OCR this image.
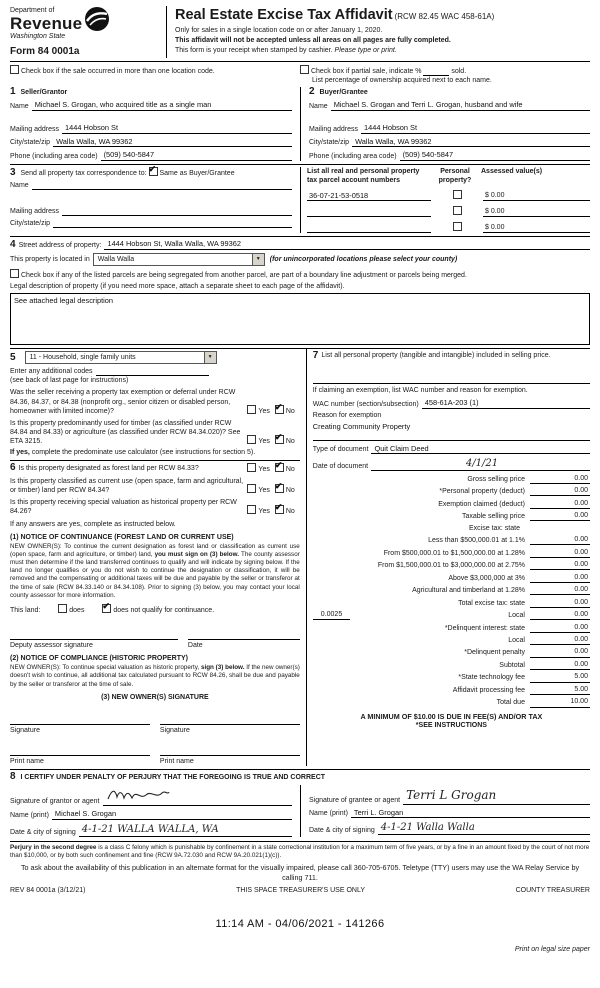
Department of
Revenue
Washington State
Form 84 0001a
Real Estate Excise Tax Affidavit (RCW 82.45 WAC 458-61A)
Only for sales in a single location code on or after January 1, 2020.
This affidavit will not be accepted unless all areas on all pages are fully completed.
This form is your receipt when stamped by cashier. Please type or print.
Check box if the sale occurred in more than one location code.	Check box if partial sale, indicate %	sold.
List percentage of ownership acquired next to each name.
1 Seller/Grantor
Name Michael S. Grogan, who acquired title as a single man
Mailing address 1444 Hobson St
City/state/zip Walla Walla, WA 99362
Phone (including area code) (509) 540-5847
2 Buyer/Grantee
Name Michael S. Grogan and Terri L. Grogan, husband and wife
Mailing address 1444 Hobson St
City/state/zip Walla Walla, WA 99362
Phone (including area code) (509) 540-5847
3 Send all property tax correspondence to: ✔ Same as Buyer/Grantee
Name
Mailing address
City/state/zip
List all real and personal property tax parcel account numbers
Personal property?
Assessed value(s)
36-07-21-53-0518	$ 0.00
$ 0.00
$ 0.00
4 Street address of property: 1444 Hobson St, Walla Walla, WA 99362
This property is located in	Walla Walla	▼	(for unincorporated locations please select your county)
Check box if any of the listed parcels are being segregated from another parcel, are part of a boundary line adjustment or parcels being merged.
Legal description of property (if you need more space, attach a separate sheet to each page of the affidavit).
See attached legal description
5	11 - Household, single family units	▼
Enter any additional codes
(see back of last page for instructions)
Was the seller receiving a property tax exemption or deferral under RCW 84.36, 84.37, or 84.38 (nonprofit org., senior citizen or disabled person, homeowner with limited income)?	Yes ✔ No
Is this property predominantly used for timber (as classified under RCW 84.84 and 84.33) or agriculture (as classified under RCW 84.34.020)? See ETA 3215.	Yes ✔ No
If yes, complete the predominate use calculator (see instructions for section 5).
6 Is this property designated as forest land per RCW 84.33?	Yes ✔ No
Is this property classified as current use (open space, farm and agricultural, or timber) land per RCW 84.34?	Yes ✔ No
Is this property receiving special valuation as historical property per RCW 84.26?	Yes ✔ No
If any answers are yes, complete as instructed below.
(1) NOTICE OF CONTINUANCE (FOREST LAND OR CURRENT USE)
NEW OWNER(S): To continue the current designation as forest land or classification as current use (open space, farm and agriculture, or timber) land, you must sign on (3) below. The county assessor must then determine if the land transferred continues to qualify and will indicate by signing below. If the land no longer qualifies or you do not wish to continue the designation or classification, it will be removed and the compensating or additional taxes will be due and payable by the seller or transferor at the time of sale (RCW 84.33.140 or 84.34.108). Prior to signing (3) below, you may contact your local county assessor for more information.
This land:	does ✔ does not qualify for continuance.
Deputy assessor signature	Date
(2) NOTICE OF COMPLIANCE (HISTORIC PROPERTY)
NEW OWNER(S): To continue special valuation as historic property, sign (3) below. If the new owner(s) doesn't wish to continue, all additional tax calculated pursuant to RCW 84.26, shall be due and payable by the seller or transferor at the time of sale.
(3) NEW OWNER(S) SIGNATURE
Signature	Signature
Print name	Print name
7 List all personal property (tangible and intangible) included in selling price.
If claiming an exemption, list WAC number and reason for exemption.
WAC number (section/subsection) 458-61A-203 (1)
Reason for exemption
Creating Community Property
Type of document Quit Claim Deed
Date of document	4/1/21
Gross selling price	0.00
*Personal property (deduct)	0.00
Exemption claimed (deduct)	0.00
Taxable selling price	0.00
Excise tax: state
Less than $500,000.01 at 1.1%	0.00
From $500,000.01 to $1,500,000.00 at 1.28%	0.00
From $1,500,000.01 to $3,000,000.00 at 2.75%	0.00
Above $3,000,000 at 3%	0.00
Agricultural and timberland at 1.28%	0.00
Total excise tax: state	0.00
0.0025	Local	0.00
*Delinquent interest: state	0.00
Local	0.00
*Delinquent penalty	0.00
Subtotal	0.00
*State technology fee	5.00
Affidavit processing fee	5.00
Total due	10.00
A MINIMUM OF $10.00 IS DUE IN FEE(S) AND/OR TAX
*SEE INSTRUCTIONS
8 I CERTIFY UNDER PENALTY OF PERJURY THAT THE FOREGOING IS TRUE AND CORRECT
Signature of grantor or agent
Name (print) Michael S. Grogan
Date & city of signing 4-1-21 WALLA WALLA, WA
Signature of grantee or agent Terri L Grogan
Name (print) Terri L. Grogan
Date & city of signing 4-1-21 Walla Walla
Perjury in the second degree is a class C felony which is punishable by confinement in a state correctional institution for a maximum term of five years, or by a fine in an amount fixed by the court of not more than $10,000, or by both such confinement and fine (RCW 9A.72.030 and RCW 9A.20.021(1)(c)).
To ask about the availability of this publication in an alternate format for the visually impaired, please call 360-705-6705. Teletype (TTY) users may use the WA Relay Service by calling 711.
REV 84 0001a (3/12/21)	THIS SPACE TREASURER'S USE ONLY	COUNTY TREASURER
11:14 AM - 04/06/2021 - 141266
Print on legal size paper
